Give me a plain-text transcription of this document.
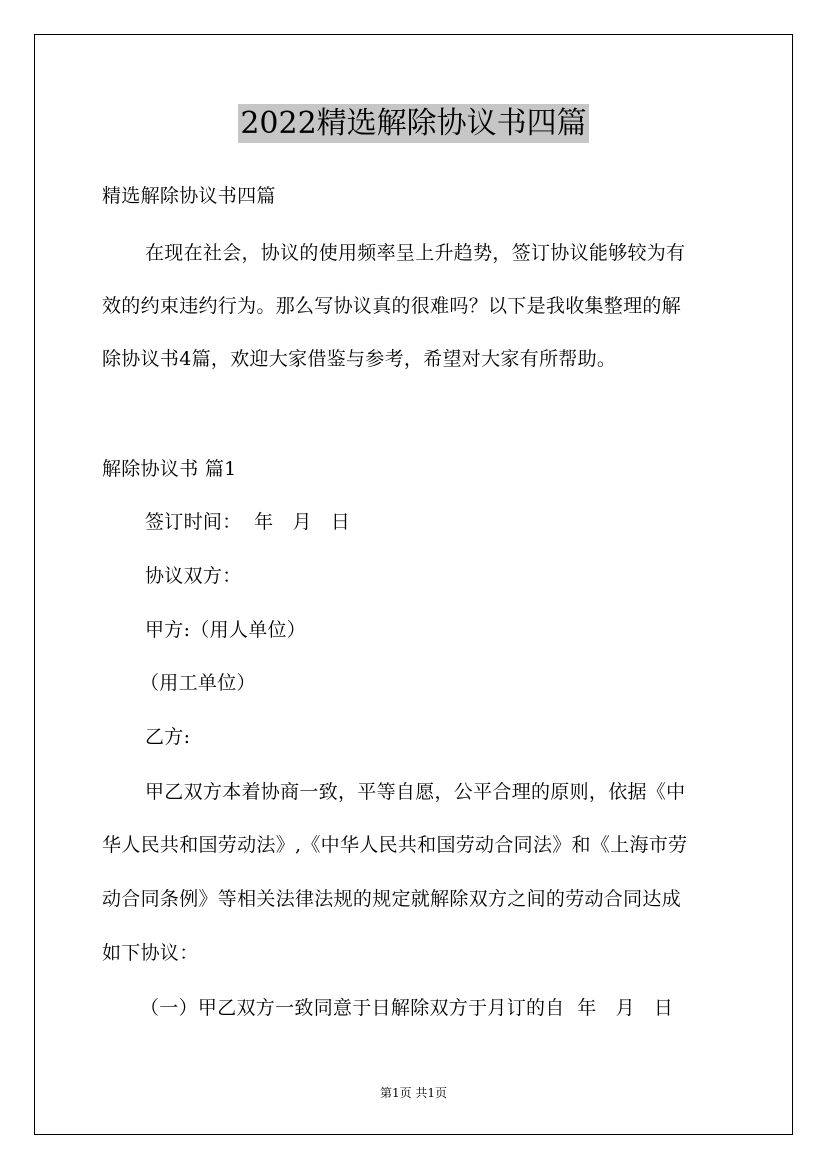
2022精选解除协议书四篇
精选解除协议书四篇
在现在社会，协议的使用频率呈上升趋势，签订协议能够较为有
效的约束违约行为。那么写协议真的很难吗？以下是我收集整理的解
除协议书4篇，欢迎大家借鉴与参考，希望对大家有所帮助。
解除协议书 篇1
签订时间：  年   月   日
协议双方：
甲方:（用人单位）
（用工单位）
乙方:
甲乙双方本着协商一致，平等自愿，公平合理的原则，依据《中
华人民共和国劳动法》,《中华人民共和国劳动合同法》和《上海市劳
动合同条例》等相关法律法规的规定就解除双方之间的劳动合同达成
如下协议：
（一）甲乙双方一致同意于日解除双方于月订的自  年   月   日
第1页 共1页
